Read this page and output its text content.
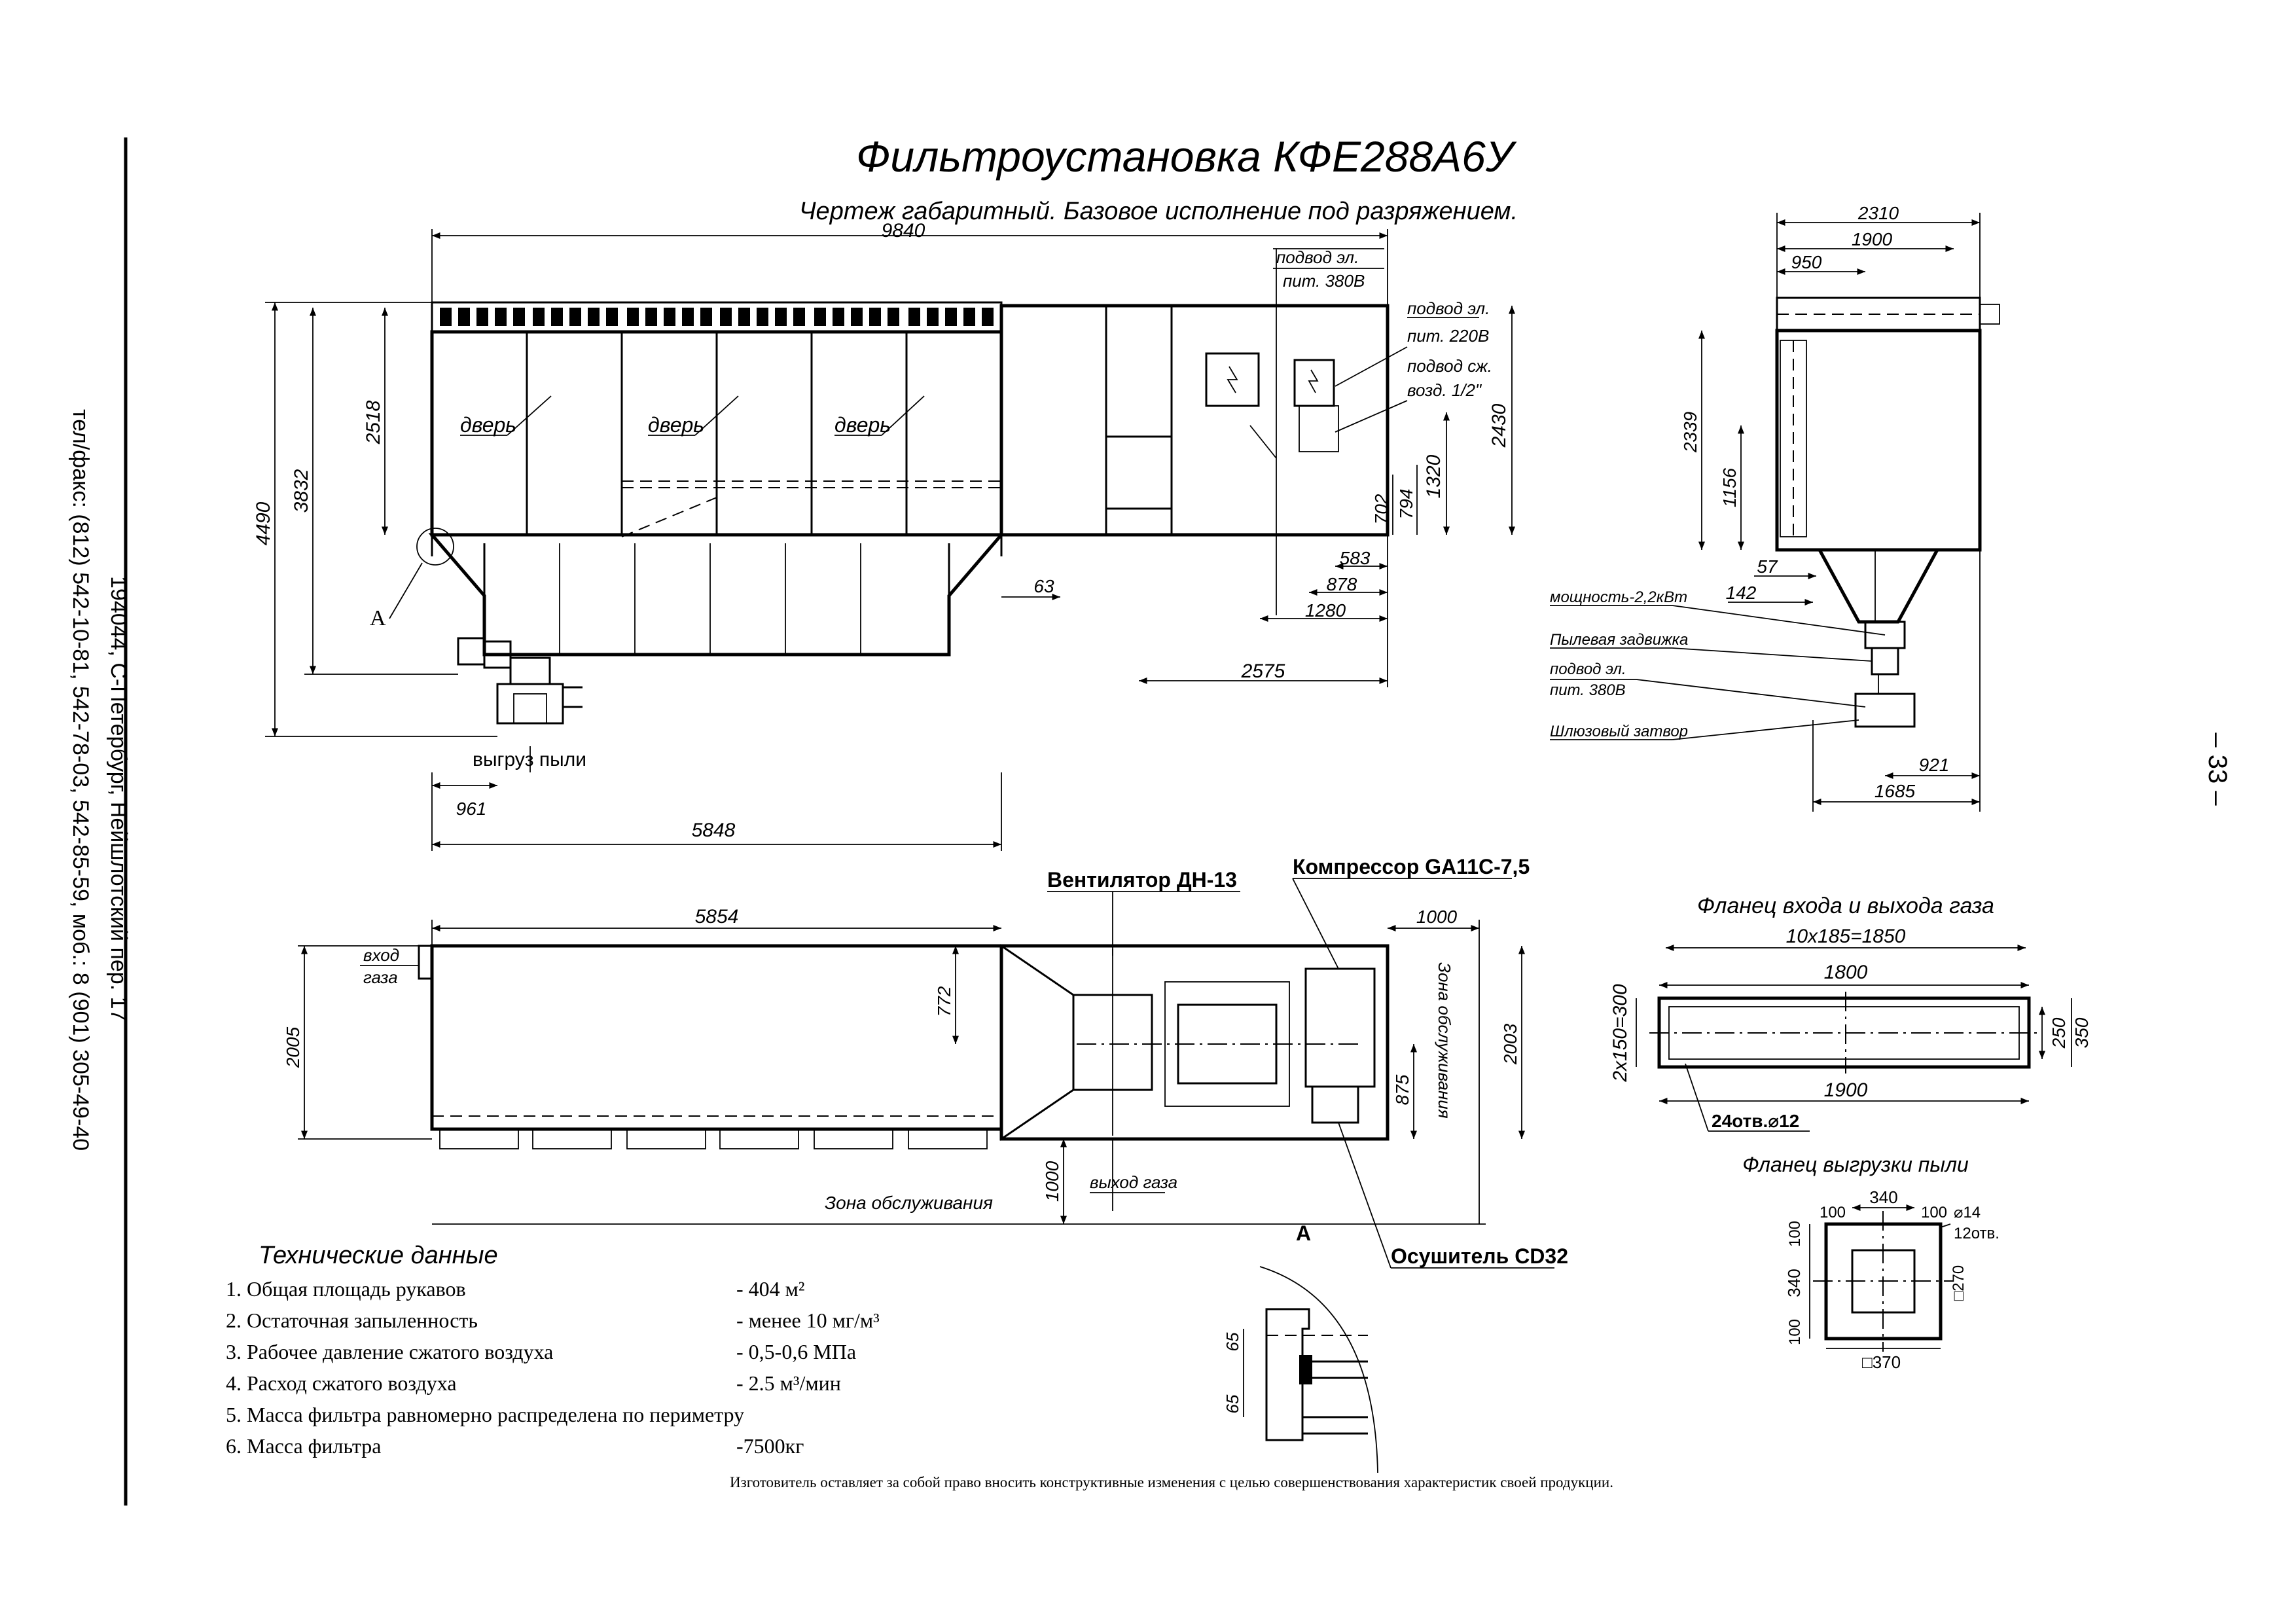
194044, С-Петербург, Нейшлотский пер. 17
тел/факс: (812) 542-10-81, 542-78-03, 542-85-59, моб.: 8 (901) 305-49-40	– 33 –
Фильтроустановка КФЕ288А6У
Чертеж габаритный. Базовое исполнение под разряжением.
дверь	дверь	дверь
выгруз пыли
А
подвод эл.
пит. 380В
подвод эл.
пит. 220В
подвод сж.
возд. 1/2"
9840
4490
3832
2518	2430
1320
794
702
583
878
1280
63
2575
961
5848
2310
1900
950
2339
1156
57
142
921
1685
мощность-2,2кВт
Пылевая задвижка
подвод эл.
пит. 380В
Шлюзовый затвор
вход
газа
Вентилятор ДН-13
Компрессор GA11C-7,5
Осушитель CD32
Зона обслуживания
Зона обслуживания
выход газа
А
5854	1000
2005	2003
772
875
1000
65
65
Фланец входа и выхода газа
10х185=1850
1800
1900
2х150=300	250 350
24отв.⌀12
Фланец выгрузки пыли
100
340
100
100
340
100
⌀14
12отв.
□270
□370
Технические данные
1. Общая площадь рукавов	- 404 м²
2. Остаточная запыленность	- менее 10 мг/м³
3. Рабочее давление сжатого воздуха	- 0,5-0,6 МПа
4. Расход сжатого воздуха	- 2.5 м³/мин
5. Масса фильтра равномерно распределена по периметру
6. Масса фильтра	-7500кг
Изготовитель оставляет за собой право вносить конструктивные изменения с целью совершенствования характеристик своей продукции.
